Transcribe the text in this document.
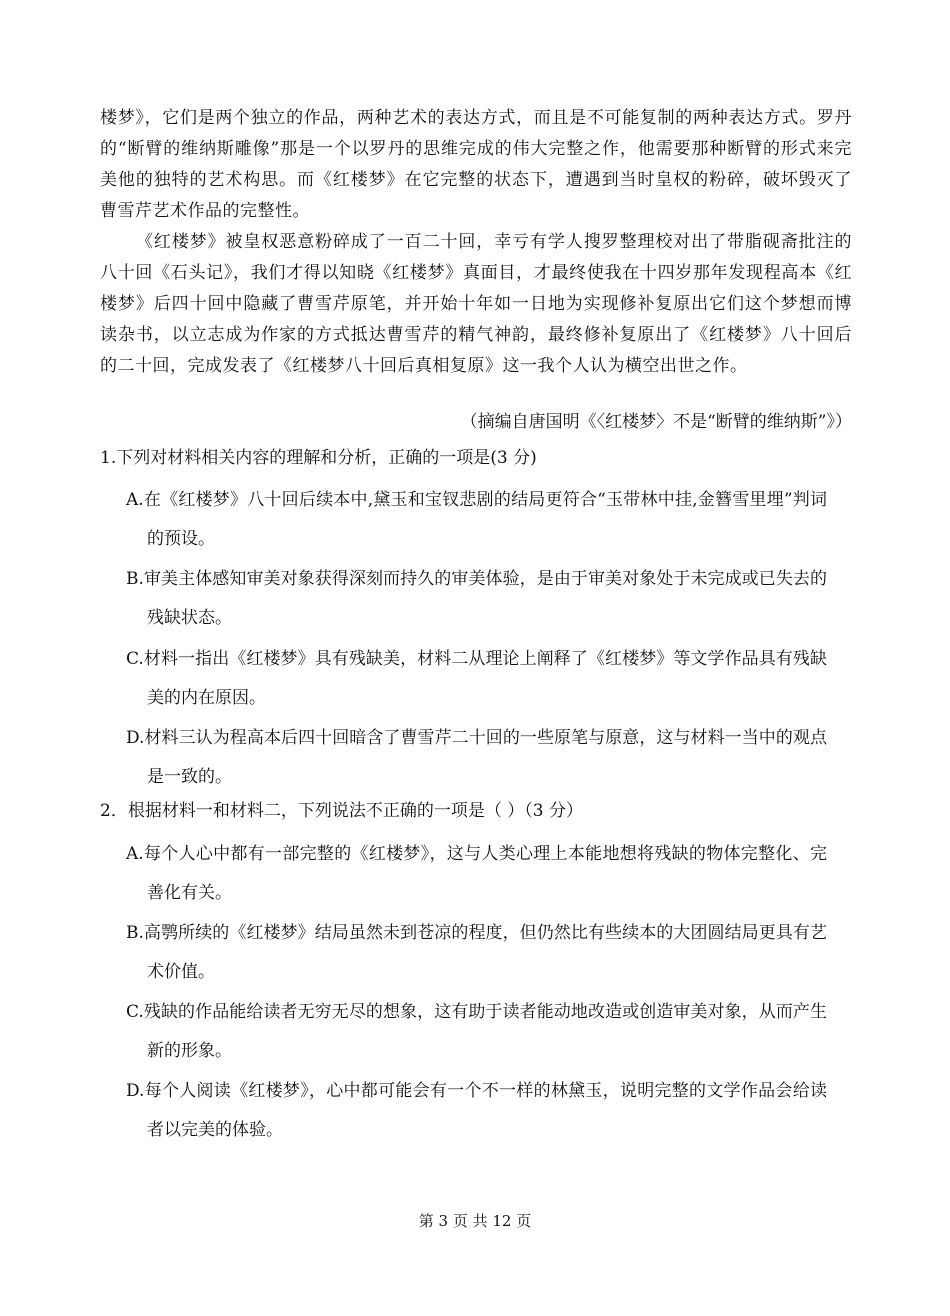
楼梦》，它们是两个独立的作品，两种艺术的表达方式，而且是不可能复制的两种表达方式。罗丹的“断臂的维纳斯雕像”那是一个以罗丹的思维完成的伟大完整之作，他需要那种断臂的形式来完美他的独特的艺术构思。而《红楼梦》在它完整的状态下，遭遇到当时皇权的粉碎，破坏毁灭了曹雪芹艺术作品的完整性。

《红楼梦》被皇权恶意粉碎成了一百二十回，幸亏有学人搜罗整理校对出了带脂砚斋批注的八十回《石头记》，我们才得以知晓《红楼梦》真面目，才最终使我在十四岁那年发现程高本《红楼梦》后四十回中隐藏了曹雪芹原笔，并开始十年如一日地为实现修补复原出它们这个梦想而博读杂书，以立志成为作家的方式抵达曹雪芹的精气神韵，最终修补复原出了《红楼梦》八十回后的二十回，完成发表了《红楼梦八十回后真相复原》这一我个人认为横空出世之作。

（摘编自唐国明《〈红楼梦〉不是“断臂的维纳斯”》）

1.下列对材料相关内容的理解和分析，正确的一项是(3 分)

A.在《红楼梦》八十回后续本中,黛玉和宝钗悲剧的结局更符合“玉带林中挂,金簪雪里埋”判词的预设。

B.审美主体感知审美对象获得深刻而持久的审美体验，是由于审美对象处于未完成或已失去的残缺状态。

C.材料一指出《红楼梦》具有残缺美，材料二从理论上阐释了《红楼梦》等文学作品具有残缺美的内在原因。

D.材料三认为程高本后四十回暗含了曹雪芹二十回的一些原笔与原意，这与材料一当中的观点是一致的。

2．根据材料一和材料二，下列说法不正确的一项是（ ）（3 分）

A.每个人心中都有一部完整的《红楼梦》，这与人类心理上本能地想将残缺的物体完整化、完善化有关。

B.高鹗所续的《红楼梦》结局虽然未到苍凉的程度，但仍然比有些续本的大团圆结局更具有艺术价值。

C.残缺的作品能给读者无穷无尽的想象，这有助于读者能动地改造或创造审美对象，从而产生新的形象。

D.每个人阅读《红楼梦》，心中都可能会有一个不一样的林黛玉，说明完整的文学作品会给读者以完美的体验。

第 3 页 共 12 页
